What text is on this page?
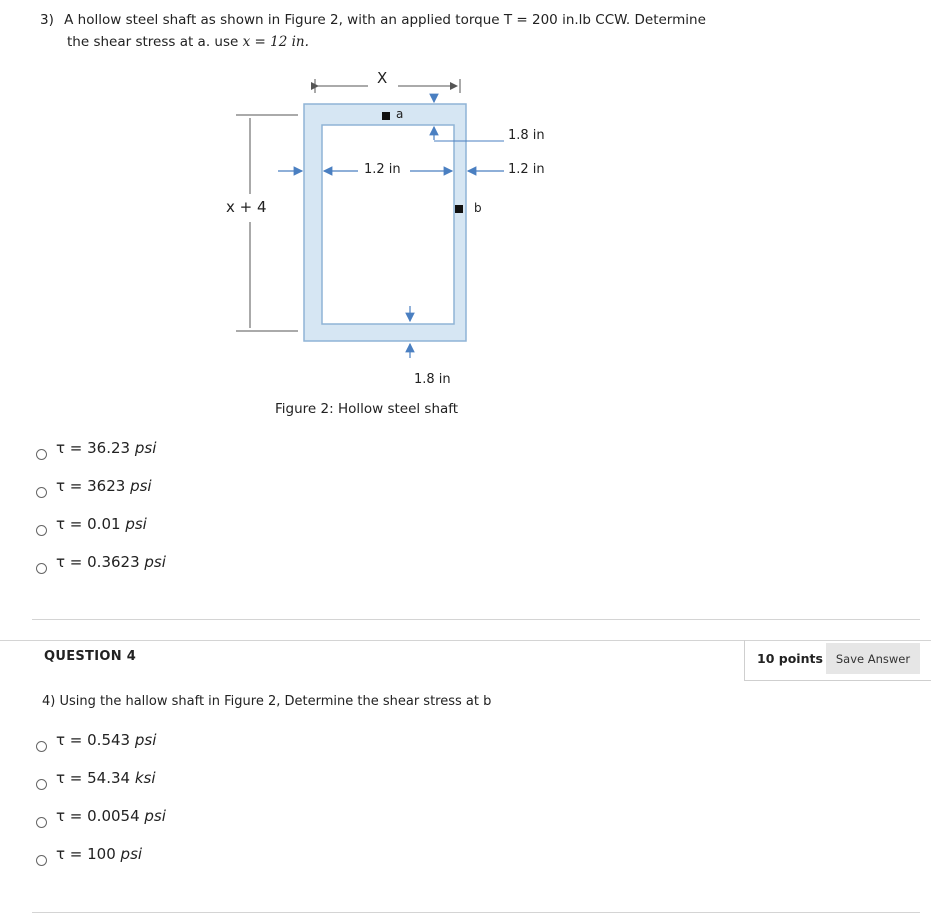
3) A hollow steel shaft as shown in Figure 2, with an applied torque T = 200 in.lb CCW. Determine
the shear stress at a. use x = 12 in.
X
a
b
x + 4
1.8 in
1.2 in
1.2 in
1.8 in
Figure 2: Hollow steel shaft
τ = 36.23 psi
τ = 3623 psi
τ = 0.01 psi
τ = 0.3623 psi
QUESTION 4	10 points	Save Answer
4) Using the hallow shaft in Figure 2, Determine the shear stress at b
τ = 0.543 psi
τ = 54.34 ksi
τ = 0.0054 psi
τ = 100 psi
